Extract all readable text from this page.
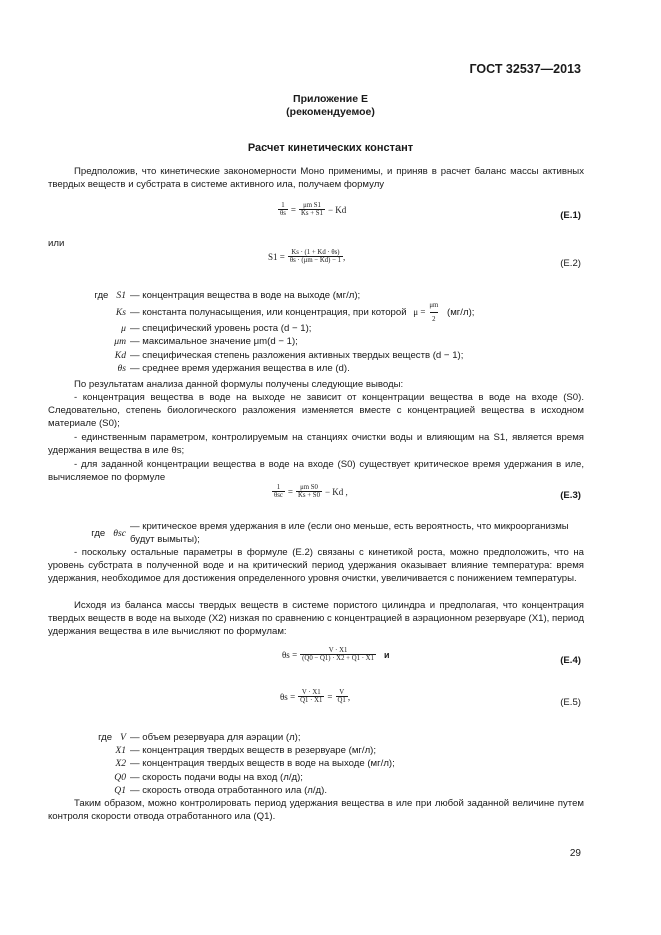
ГОСТ 32537—2013
Приложение Е
(рекомендуемое)
Расчет кинетических констант
Предположив, что кинетические закономерности Моно применимы, и приняв в расчет баланс массы активных твердых веществ и субстрата в системе активного ила, получаем формулу
$\frac{1}{\theta s} = \frac{\text{μm S1}}{Ks + S1} - Kd$
(Е.1)
или
$S1 = \frac{Ks \cdot (1 + Kd \cdot \theta s)}{\theta s \cdot (\mu m - Kd) - 1}$ ,
(Е.2)
где S1 — концентрация вещества в воде на выходе (мг/л);
Ks — константа полунасыщения, или концентрация, при которой $\mu = \frac{\mu m}{2} (мг/л)$;
μ — специфический уровень роста (d − 1);
μm — максимальное значение μm(d − 1);
Kd — специфическая степень разложения активных твердых веществ (d − 1);
θs — среднее время удержания вещества в иле (d).
По результатам анализа данной формулы получены следующие выводы:
- концентрация вещества в воде на выходе не зависит от концентрации вещества в воде на входе (S0). Следовательно, степень биологического разложения изменяется вместе с концентрацией вещества в исходном материале (S0);
- единственным параметром, контролируемым на станциях очистки воды и влияющим на S1, является время удержания вещества в иле θs;
- для заданной концентрации вещества в воде на входе (S0) существует критическое время удержания в иле, вычисляемое по формуле
$\frac{1}{\text{θsc}} = \frac{\text{μm S0}}{Ks + S0} - Kd$ ,	(Е.3)
где θsc
— критическое время удержания в иле (если оно меньше, есть вероятность, что микроорганизмы будут вымыты);
- поскольку остальные параметры в формуле (Е.2) связаны с кинетикой роста, можно предположить, что на уровень субстрата в полученной воде и на критический период удержания оказывает влияние температура: время удержания, необходимое для достижения определенного уровня очистки, увеличивается с понижением температуры.
Исходя из баланса массы твердых веществ в системе пористого цилиндра и предполагая, что концентрация твердых веществ в воде на выходе (X2) низкая по сравнению с концентрацией в аэрационном резервуаре (X1), период удержания вещества в иле вычисляют по формулам:
$\theta s = \frac{V \cdot X1}{(Q0 - Q1) \cdot X2 + Q1 \cdot X1}$ и
(Е.4)
$\theta s = \frac{V \cdot X1}{Q1 \cdot X1} = \frac{V}{Q1}$ ,
(Е.5)
где V — объем резервуара для аэрации (л);
X1 — концентрация твердых веществ в резервуаре (мг/л);
X2 — концентрация твердых веществ в воде на выходе (мг/л);
Q0 — скорость подачи воды на вход (л/д);
Q1 — скорость отвода отработанного ила (л/д).
Таким образом, можно контролировать период удержания вещества в иле при любой заданной величине путем контроля скорости отвода отработанного ила (Q1).
29
